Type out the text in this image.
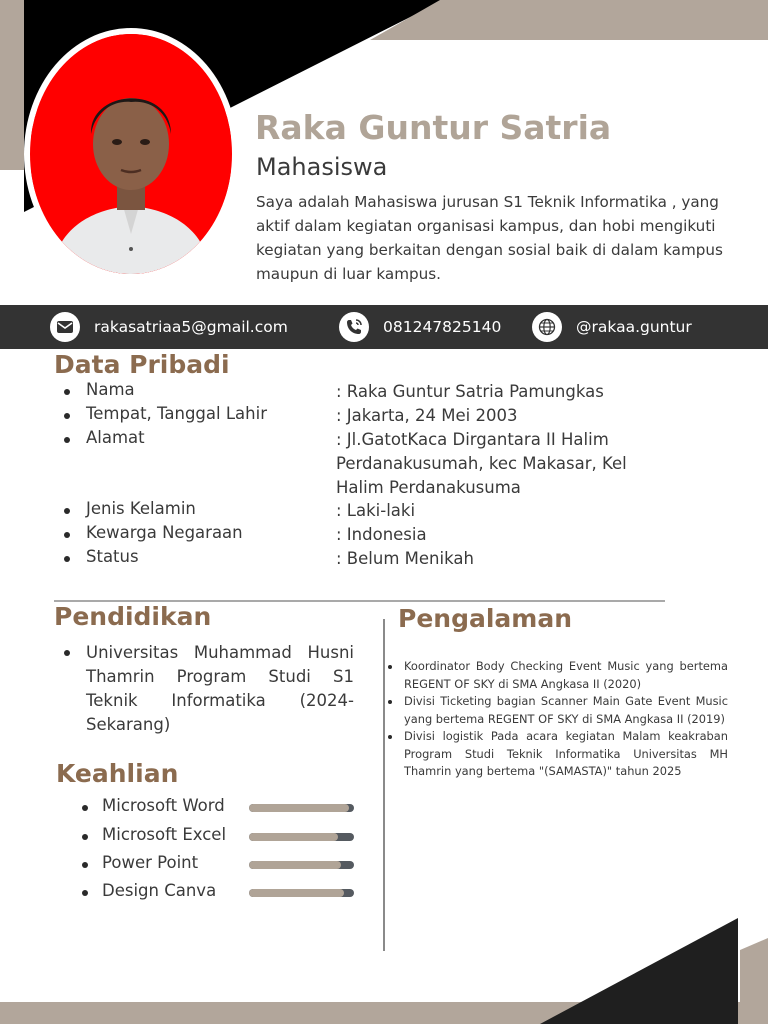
Raka Guntur Satria
Mahasiswa
Saya adalah Mahasiswa jurusan S1 Teknik Informatika , yang aktif dalam kegiatan organisasi kampus, dan hobi mengikuti kegiatan yang berkaitan dengan sosial baik di dalam kampus maupun di luar kampus.
rakasatriaa5@gmail.com	081247825140	@rakaa.guntur
Data Pribadi
Nama	: Raka Guntur Satria Pamungkas
Tempat, Tanggal Lahir	: Jakarta, 24 Mei 2003
Alamat	: Jl.GatotKaca Dirgantara II Halim Perdanakusumah, kec Makasar, Kel Halim Perdanakusuma
Jenis Kelamin	: Laki-laki
Kewarga Negaraan	: Indonesia
Status	: Belum Menikah
Pendidikan
Universitas Muhammad Husni Thamrin Program Studi S1 Teknik Informatika (2024-Sekarang)
Pengalaman
Koordinator Body Checking Event Music yang bertema REGENT OF SKY di SMA Angkasa II (2020)
Divisi Ticketing bagian Scanner Main Gate Event Music yang bertema REGENT OF SKY di SMA Angkasa II (2019)
Divisi logistik Pada acara kegiatan Malam keakraban Program Studi Teknik Informatika Universitas MH Thamrin yang bertema "(SAMASTA)" tahun 2025
Keahlian
Microsoft Word
Microsoft Excel
Power Point
Design Canva
